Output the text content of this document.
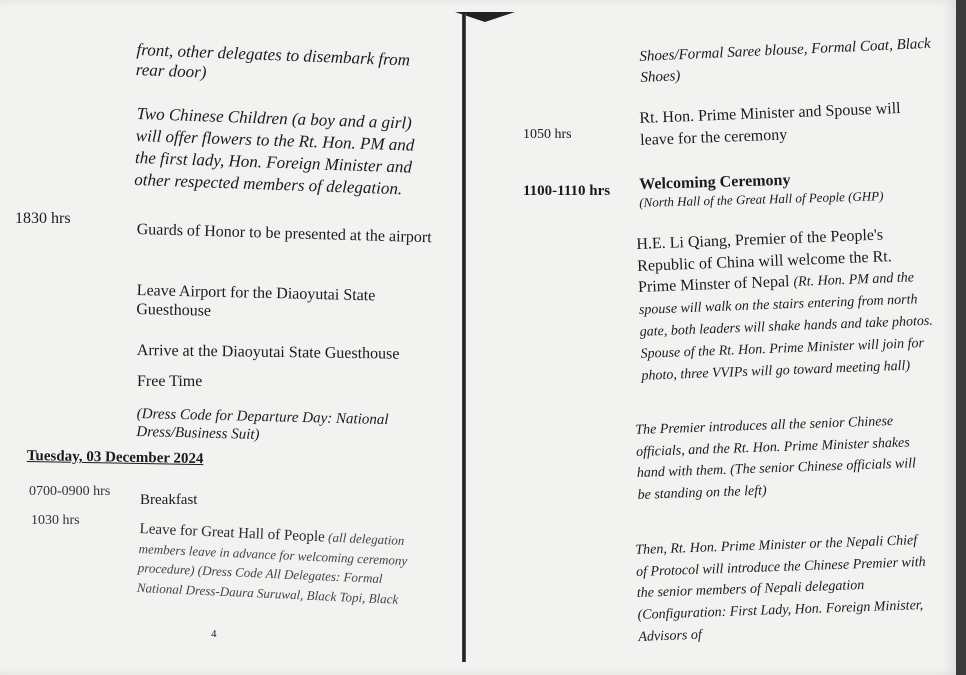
front, other delegates to disembark from rear door)
Two Chinese Children (a boy and a girl) will offer flowers to the Rt. Hon. PM and the first lady, Hon. Foreign Minister and other respected members of delegation.
1830 hrs
Guards of Honor to be presented at the airport
Leave Airport for the Diaoyutai State Guesthouse
Arrive at the Diaoyutai State Guesthouse
Free Time
(Dress Code for Departure Day: National Dress/Business Suit)
Tuesday, 03 December 2024
0700-0900 hrs
Breakfast
1030 hrs
Leave for Great Hall of People (all delegation members leave in advance for welcoming ceremony procedure) (Dress Code All Delegates: Formal National Dress-Daura Suruwal, Black Topi, Black
4
Shoes/Formal Saree blouse, Formal Coat, Black Shoes)
1050 hrs
Rt. Hon. Prime Minister and Spouse will leave for the ceremony
1100-1110 hrs Welcoming Ceremony
(North Hall of the Great Hall of People (GHP)
H.E. Li Qiang, Premier of the People's Republic of China will welcome the Rt. Prime Minster of Nepal (Rt. Hon. PM and the spouse will walk on the stairs entering from north gate, both leaders will shake hands and take photos. Spouse of the Rt. Hon. Prime Minister will join for photo, three VVIPs will go toward meeting hall)
The Premier introduces all the senior Chinese officials, and the Rt. Hon. Prime Minister shakes hand with them. (The senior Chinese officials will be standing on the left)
Then, Rt. Hon. Prime Minister or the Nepali Chief of Protocol will introduce the Chinese Premier with the senior members of Nepali delegation (Configuration: First Lady, Hon. Foreign Minister, Advisors of
